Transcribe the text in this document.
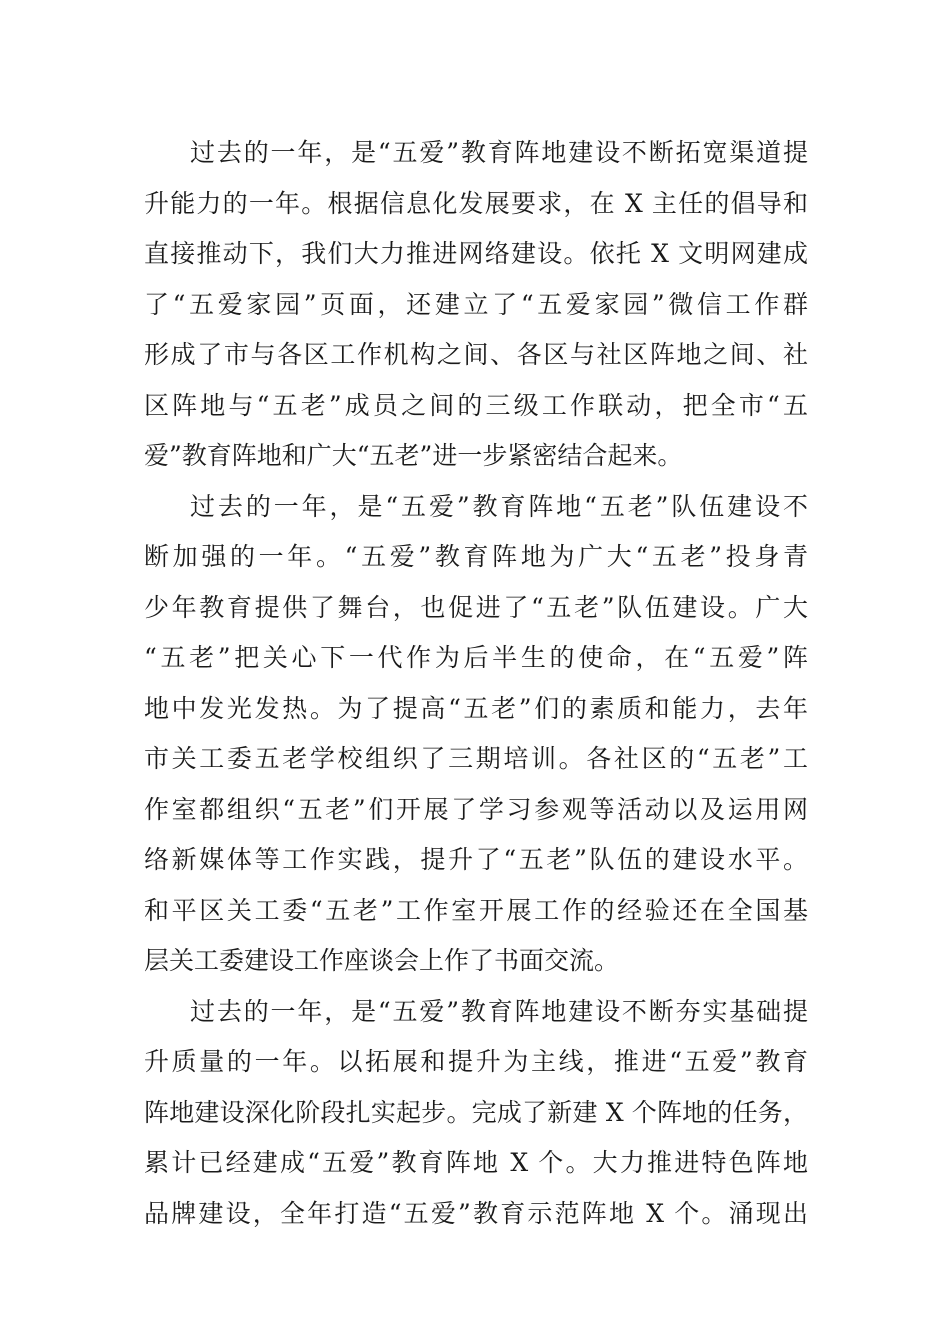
过去的一年，是“五爱”教育阵地建设不断拓宽渠道提
升能力的一年。根据信息化发展要求，在 X 主任的倡导和
直接推动下，我们大力推进网络建设。依托 X 文明网建成
了“五爱家园”页面，还建立了“五爱家园”微信工作群
形成了市与各区工作机构之间、各区与社区阵地之间、社
区阵地与“五老”成员之间的三级工作联动，把全市“五
爱”教育阵地和广大“五老”进一步紧密结合起来。
过去的一年，是“五爱”教育阵地“五老”队伍建设不
断加强的一年。“五爱”教育阵地为广大“五老”投身青
少年教育提供了舞台，也促进了“五老”队伍建设。广大
“五老”把关心下一代作为后半生的使命，在“五爱”阵
地中发光发热。为了提高“五老”们的素质和能力，去年
市关工委五老学校组织了三期培训。各社区的“五老”工
作室都组织“五老”们开展了学习参观等活动以及运用网
络新媒体等工作实践，提升了“五老”队伍的建设水平。
和平区关工委“五老”工作室开展工作的经验还在全国基
层关工委建设工作座谈会上作了书面交流。
过去的一年，是“五爱”教育阵地建设不断夯实基础提
升质量的一年。以拓展和提升为主线，推进“五爱”教育
阵地建设深化阶段扎实起步。完成了新建 X 个阵地的任务，
累计已经建成“五爱”教育阵地 X 个。大力推进特色阵地
品牌建设，全年打造“五爱”教育示范阵地 X 个。涌现出
